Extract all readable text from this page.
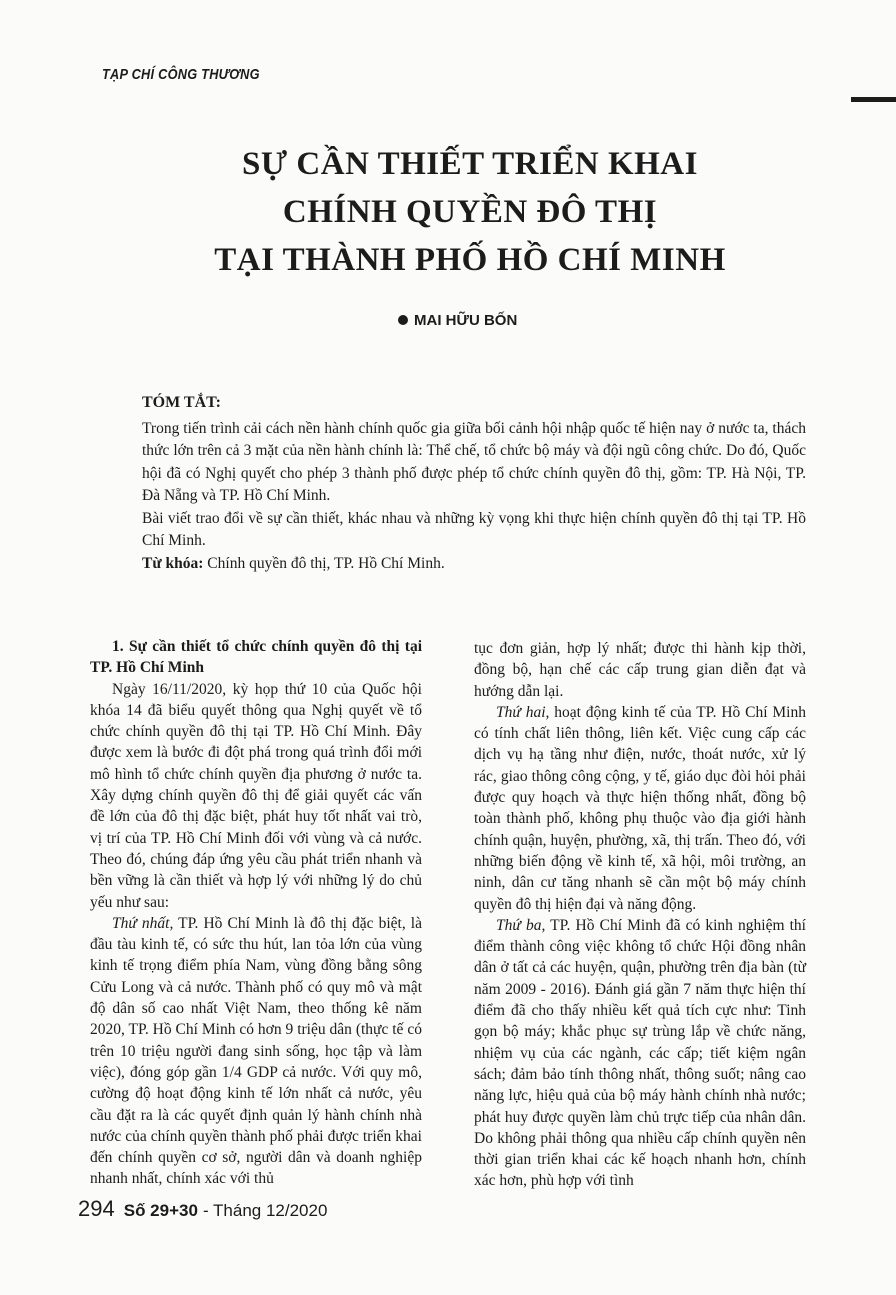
TẠP CHÍ CÔNG THƯƠNG
SỰ CẦN THIẾT TRIỂN KHAI
CHÍNH QUYỀN ĐÔ THỊ
TẠI THÀNH PHỐ HỒ CHÍ MINH
MAI HỮU BỐN
TÓM TẮT:

Trong tiến trình cải cách nền hành chính quốc gia giữa bối cảnh hội nhập quốc tế hiện nay ở nước ta, thách thức lớn trên cả 3 mặt của nền hành chính là: Thể chế, tổ chức bộ máy và đội ngũ công chức. Do đó, Quốc hội đã có Nghị quyết cho phép 3 thành phố được phép tổ chức chính quyền đô thị, gồm: TP. Hà Nội, TP. Đà Nẵng và TP. Hồ Chí Minh.

Bài viết trao đổi về sự cần thiết, khác nhau và những kỳ vọng khi thực hiện chính quyền đô thị tại TP. Hồ Chí Minh.

Từ khóa: Chính quyền đô thị, TP. Hồ Chí Minh.

1. Sự cần thiết tổ chức chính quyền đô thị tại TP. Hồ Chí Minh

Ngày 16/11/2020, kỳ họp thứ 10 của Quốc hội khóa 14 đã biểu quyết thông qua Nghị quyết về tổ chức chính quyền đô thị tại TP. Hồ Chí Minh. Đây được xem là bước đi đột phá trong quá trình đổi mới mô hình tổ chức chính quyền địa phương ở nước ta. Xây dựng chính quyền đô thị để giải quyết các vấn đề lớn của đô thị đặc biệt, phát huy tốt nhất vai trò, vị trí của TP. Hồ Chí Minh đối với vùng và cả nước. Theo đó, chúng đáp ứng yêu cầu phát triển nhanh và bền vững là cần thiết và hợp lý với những lý do chủ yếu như sau:

Thứ nhất, TP. Hồ Chí Minh là đô thị đặc biệt, là đầu tàu kinh tế, có sức thu hút, lan tỏa lớn của vùng kinh tế trọng điểm phía Nam, vùng đồng bằng sông Cửu Long và cả nước. Thành phố có quy mô và mật độ dân số cao nhất Việt Nam, theo thống kê năm 2020, TP. Hồ Chí Minh có hơn 9 triệu dân (thực tế có trên 10 triệu người đang sinh sống, học tập và làm việc), đóng góp gần 1/4 GDP cả nước. Với quy mô, cường độ hoạt động kinh tế lớn nhất cả nước, yêu cầu đặt ra là các quyết định quản lý hành chính nhà nước của chính quyền thành phố phải được triển khai đến chính quyền cơ sở, người dân và doanh nghiệp nhanh nhất, chính xác với thủ

tục đơn giản, hợp lý nhất; được thi hành kịp thời, đồng bộ, hạn chế các cấp trung gian diễn đạt và hướng dẫn lại.

Thứ hai, hoạt động kinh tế của TP. Hồ Chí Minh có tính chất liên thông, liên kết. Việc cung cấp các dịch vụ hạ tầng như điện, nước, thoát nước, xử lý rác, giao thông công cộng, y tế, giáo dục đòi hỏi phải được quy hoạch và thực hiện thống nhất, đồng bộ toàn thành phố, không phụ thuộc vào địa giới hành chính quận, huyện, phường, xã, thị trấn. Theo đó, với những biến động về kinh tế, xã hội, môi trường, an ninh, dân cư tăng nhanh sẽ cần một bộ máy chính quyền đô thị hiện đại và năng động.

Thứ ba, TP. Hồ Chí Minh đã có kinh nghiệm thí điểm thành công việc không tổ chức Hội đồng nhân dân ở tất cả các huyện, quận, phường trên địa bàn (từ năm 2009 - 2016). Đánh giá gần 7 năm thực hiện thí điểm đã cho thấy nhiều kết quả tích cực như: Tinh gọn bộ máy; khắc phục sự trùng lắp về chức năng, nhiệm vụ của các ngành, các cấp; tiết kiệm ngân sách; đảm bảo tính thông nhất, thông suốt; nâng cao năng lực, hiệu quả của bộ máy hành chính nhà nước; phát huy được quyền làm chủ trực tiếp của nhân dân. Do không phải thông qua nhiều cấp chính quyền nên thời gian triển khai các kế hoạch nhanh hơn, chính xác hơn, phù hợp với tình

294 Số 29+30 - Tháng 12/2020
